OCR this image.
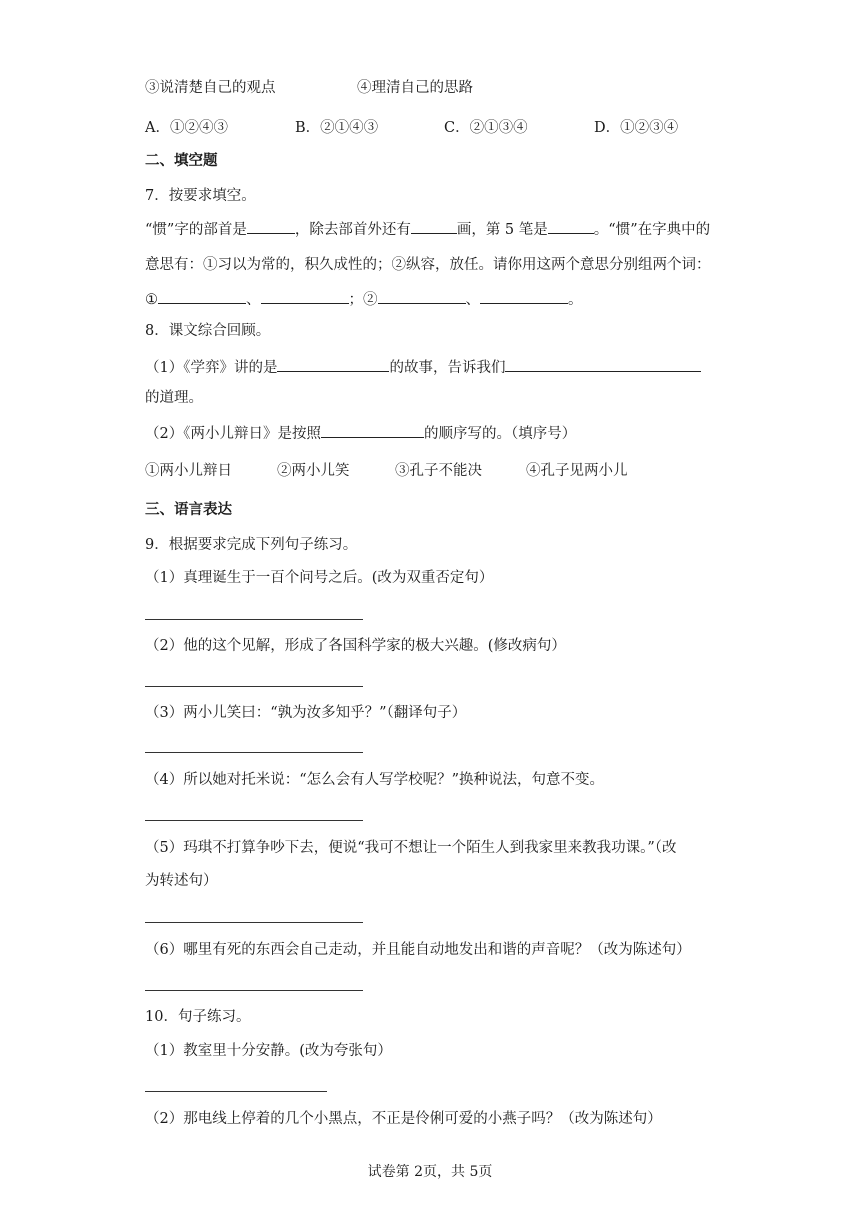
③说清楚自己的观点	④理清自己的思路
A．①②④③	B．②①④③	C．②①③④	D．①②③④
二、填空题
7．按要求填空。
“惯”字的部首是	，除去部首外还有	画，第 5 笔是	。“惯”在字典中的
意思有：①习以为常的，积久成性的；②纵容，放任。请你用这两个意思分别组两个词：
①	、	；②	、	。
8．课文综合回顾。
（1）《学弈》讲的是	的故事，告诉我们
的道理。
（2）《两小儿辩日》是按照	的顺序写的。（填序号）
①两小儿辩日	②两小儿笑	③孔子不能决	④孔子见两小儿
三、语言表达
9．根据要求完成下列句子练习。
（1）真理诞生于一百个问号之后。(改为双重否定句）
（2）他的这个见解，形成了各国科学家的极大兴趣。(修改病句）
（3）两小儿笑曰：“孰为汝多知乎？”（翻译句子）
（4）所以她对托米说：“怎么会有人写学校呢？”换种说法，句意不变。
（5）玛琪不打算争吵下去，便说“我可不想让一个陌生人到我家里来教我功课。”（改
为转述句）
（6）哪里有死的东西会自己走动，并且能自动地发出和谐的声音呢？（改为陈述句）
10．句子练习。
（1）教室里十分安静。(改为夸张句）
（2）那电线上停着的几个小黑点，不正是伶俐可爱的小燕子吗？（改为陈述句）
试卷第 2页，共 5页
